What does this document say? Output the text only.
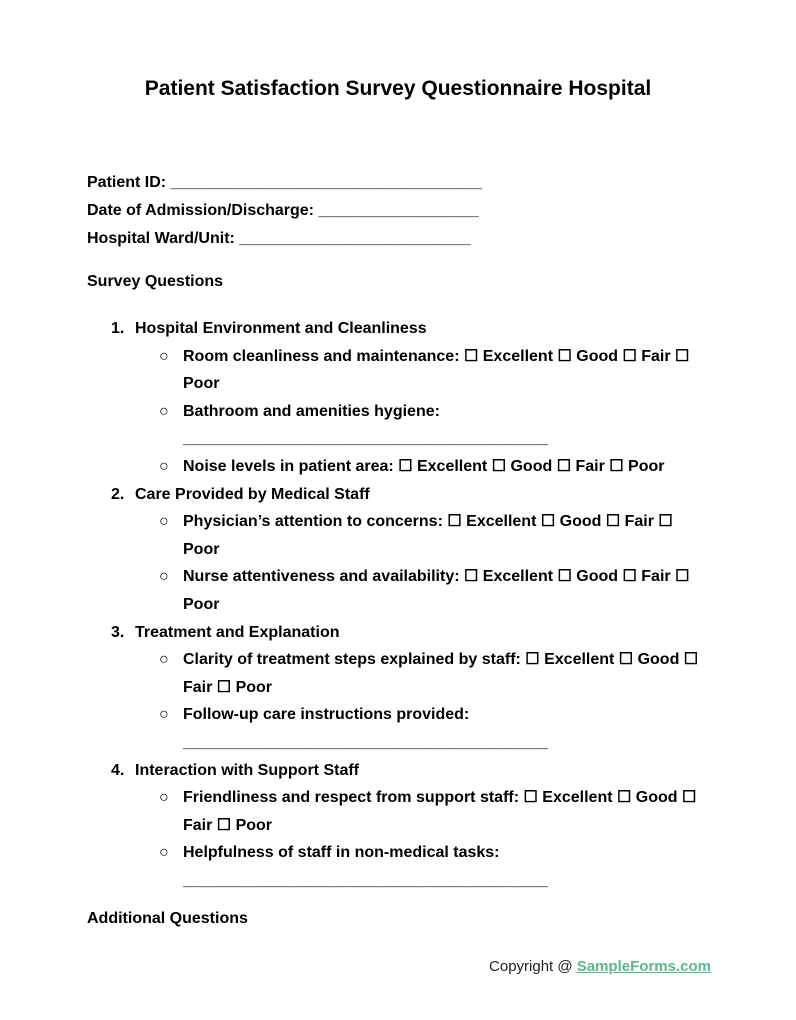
Patient Satisfaction Survey Questionnaire Hospital
Patient ID: ___________________________________
Date of Admission/Discharge: __________________
Hospital Ward/Unit: __________________________
Survey Questions
1. Hospital Environment and Cleanliness
○ Room cleanliness and maintenance: ☐ Excellent ☐ Good ☐ Fair ☐ Poor
○ Bathroom and amenities hygiene:
_________________________________________
○ Noise levels in patient area: ☐ Excellent ☐ Good ☐ Fair ☐ Poor
2. Care Provided by Medical Staff
○ Physician’s attention to concerns: ☐ Excellent ☐ Good ☐ Fair ☐ Poor
○ Nurse attentiveness and availability: ☐ Excellent ☐ Good ☐ Fair ☐ Poor
3. Treatment and Explanation
○ Clarity of treatment steps explained by staff: ☐ Excellent ☐ Good ☐ Fair ☐ Poor
○ Follow-up care instructions provided:
_________________________________________
4. Interaction with Support Staff
○ Friendliness and respect from support staff: ☐ Excellent ☐ Good ☐ Fair ☐ Poor
○ Helpfulness of staff in non-medical tasks:
_________________________________________
Additional Questions
Copyright @ SampleForms.com
